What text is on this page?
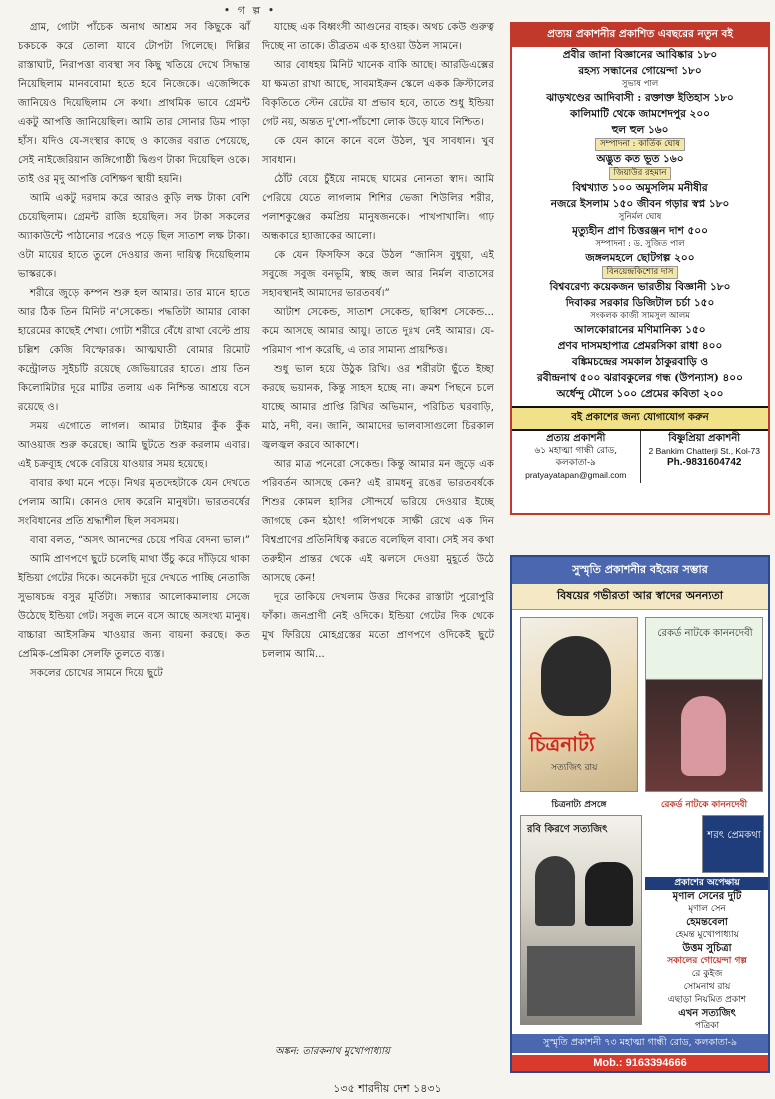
• গ ল্প •

গ্রাম, গোটা পাঁচেক অনাথ আশ্রম সব কিছুকে ঝাঁ চকচকে করে তোলা যাবে টোপটা গিলেছে। দিল্লির রাস্তাঘাট, নিরাপত্তা ব্যবস্থা সব কিছু খতিয়ে দেখে সিদ্ধান্ত নিয়েছিলাম মানববোমা হতে হবে নিজেকে। এজেন্সিকে জানিয়েও দিয়েছিলাম সে কথা। প্রাথমিক ভাবে গ্রেমন্ট একটু আপত্তি জানিয়েছিল। আমি তার সোনার ডিম পাড়া হাঁস। যদিও যে-সংস্থার কাছে ও কাজের বরাত পেয়েছে, সেই নাইজেরিয়ান জঙ্গিগোষ্ঠী দ্বিগুণ টাকা দিয়েছিল ওকে। তাই ওর মৃদু আপত্তি বেশিক্ষণ স্থায়ী হয়নি।

আমি একটু দরদাম করে আরও কুড়ি লক্ষ টাকা বেশি চেয়েছিলাম। গ্রেমন্ট রাজি হয়েছিল। সব টাকা সকলের অ্যাকাউন্টে পাঠানোর পরেও পড়ে ছিল সাতাশ লক্ষ টাকা। ওটা মায়ের হাতে তুলে দেওয়ার জন্য দায়িত্ব দিয়েছিলাম ভাস্করকে।

শরীরে জুড়ে কম্পন শুরু হল আমার। তার মানে হাতে আর ঠিক তিন মিনিট ন'সেকেন্ড। পদ্ধতিটা আমার বোকা হারেমের কাছেই শেখা। গোটা শরীরে বেঁধে রাখা বেল্টে প্রায় চল্লিশ কেজি বিস্ফোরক। আত্মঘাতী বোমার রিমোট কন্ট্রোলড সুইচটি রয়েছে জেভিয়ারের হাতে। প্রায় তিন কিলোমিটার দূরে মাটির তলায় এক নিশ্চিন্ত আশ্রয়ে বসে রয়েছে ও।

সময় এগোতে লাগল। আমার টাইমার কুঁক কুঁক আওয়াজ শুরু করেছে। আমি ছুটতে শুরু করলাম এবার। এই চক্রব্যূহ থেকে বেরিয়ে যাওয়ার সময় হয়েছে।

বাবার কথা মনে পড়ে। নিথর মৃতদেহটাকে যেন দেখতে পেলাম আমি। কোনও দোষ করেনি মানুষটা। ভারতবর্ষের সংবিধানের প্রতি শ্রদ্ধাশীল ছিল সবসময়।

বাবা বলত, “অসৎ আনন্দের চেয়ে পবিত্র বেদনা ভাল।”

আমি প্রাণপণে ছুটে চলেছি মাথা উঁচু করে দাঁড়িয়ে থাকা ইন্ডিয়া গেটের দিকে। অনেকটা দূরে দেখতে পাচ্ছি নেতাজি সুভাষচন্দ্র বসুর মূর্তিটা। সন্ধ্যার আলোকমালায় সেজে উঠেছে ইন্ডিয়া গেট। সবুজ লনে বসে আছে অসংখ্য মানুষ। বাচ্চারা আইসক্রিম খাওয়ার জন্য বায়না করছে। কত প্রেমিক-প্রেমিকা সেলফি তুলতে ব্যস্ত।

সকলের চোখের সামনে দিয়ে ছুটে

যাচ্ছে এক বিধ্বংসী আগুনের বাহক। অথচ কেউ গুরুত্ব দিচ্ছে না তাকে। তীব্রতম এক হাওয়া উঠল সামনে।

আর বোধহয় মিনিট খানেক বাকি আছে। আরডিএক্সের যা ক্ষমতা রাখা আছে, সাবমাইক্রন স্কেলে একক ক্রিস্টালের বিকৃতিতে স্টেন রেটের যা প্রভাব হবে, তাতে শুধু ইন্ডিয়া গেট নয়, অন্তত দু'শো-পাঁচশো লোক উড়ে যাবে নিশ্চিত।

কে যেন কানে কানে বলে উঠল, খুব সাবধান। খুব সাবধান।

ঠোঁট বেয়ে চুঁইয়ে নামছে ঘামের নোনতা স্বাদ। আমি পেরিয়ে যেতে লাগলাম শিশির ভেজা শিউলির শরীর, পলাশকুঞ্জের কমপ্রিয় মানুষজনকে। পাখপাখালি। গাঢ় অন্ধকারে হ্যাজাকের আলো।

কে যেন ফিসফিস করে উঠল “জানিস বুধুয়া, এই সবুজে সবুজ বনভূমি, স্বচ্ছ জল আর নির্মল বাতাসের সহাবস্থানই আমাদের ভারতবর্ষ।”

আটাশ সেকেন্ড, সাতাশ সেকেন্ড, ছাব্বিশ সেকেন্ড... কমে আসছে আমার আয়ু। তাতে দুঃখ নেই আমার। যে-পরিমাণ পাপ করেছি, এ তার সামান্য প্রায়শ্চিত্ত।

শুধু ভাল হয়ে উঠুক রিখি। ওর শরীরটা ছুঁতে ইচ্ছা করছে ভয়ানক, কিন্তু সাহস হচ্ছে না। ক্রমশ পিছনে চলে যাচ্ছে আমার প্রাপ্তি রিখির অভিমান, পরিচিত ঘরবাড়ি, মাঠ, নদী, বন। জানি, আমাদের ভালবাসাগুলো চিরকাল জ্বলজ্বল করবে আকাশে।

আর মাত্র পনেরো সেকেন্ড। কিন্তু আমার মন জুড়ে এক পরিবর্তন আসছে কেন? এই রামধনু রঙের ভারতবর্ষকে শিশুর কোমল হাসির সৌন্দর্যে ভরিয়ে দেওয়ার ইচ্ছে জাগছে কেন হঠাৎ! গলিপথকে সাক্ষী রেখে এক দিন বিশ্বপ্রাণের প্রতিনিধিত্ব করতে বলেছিল বাবা। সেই সব কথা তরুহীন প্রান্তর থেকে এই ঝলসে দেওয়া মুহূর্তে উঠে আসছে কেন!

দূরে তাকিয়ে দেখলাম উত্তর দিকের রাস্তাটা পুরোপুরি ফাঁকা। জনপ্রাণী নেই ওদিকে। ইন্ডিয়া গেটের দিক থেকে মুখ ফিরিয়ে মোহগ্রস্তের মতো প্রাণপণে ওদিকেই ছুটে চললাম আমি...

অঙ্কন: তারকনাথ মুখোপাধ্যায়
১৩৫ শারদীয় দেশ ১৪৩১
প্রত্যয় প্রকাশনীর প্রকাশিত এবছরের নতুন বই
প্রবীর জানা বিজ্ঞানের আবিষ্কার ১৮০
রহস্য সন্ধানের গোয়েন্দা ১৮০
সুভাষ পাল
ঝাড়খণ্ডের আদিবাসী : রক্তাক্ত ইতিহাস ১৮০
কালিমাটি থেকে জামশেদপুর ২০০
হুল হুল ১৬০
সম্পাদনা : কার্তিক ঘোষ
অদ্ভুত কত ভূত ১৬০
জিয়াউর রহমান
বিশ্বখ্যাত ১০০ অমুসলিম মনীষীর
নজরে ইসলাম ১৫০ জীবন গড়ার স্বপ্ন ১৮০
সুনির্মল ঘোষ
মৃত্যুহীন প্রাণ চিত্তরঞ্জন দাশ ৫০০
সম্পাদনা : ড. সুজিত পাল
জঙ্গলমহলে ছোটগল্প ২০০
বিনয়েন্দ্রকিশোর দাস
বিশ্ববরেণ্য কয়েকজন ভারতীয় বিজ্ঞানী ১৮০
দিবাকর সরকার ডিজিটাল চর্চা ১৫০
সংকলক কাজী সামসুল আলম
আলকোরানের মণিমানিক্য ১৫০
প্রণব দাসমহাপাত্র প্রেমরসিকা রাধা ৪০০
বঙ্কিমচন্দ্রের সমকাল ঠাকুরবাড়ি ও
রবীন্দ্রনাথ ৫০০ ঝরাবকুলের গন্ধ (উপন্যাস) ৪০০
অর্ধেন্দু মৌলে ১০০ প্রেমের কবিতা ২০০
বই প্রকাশের জন্য যোগাযোগ করুন
প্রত্যয় প্রকাশনী
৬১ মহাত্মা গান্ধী রোড, কলকাতা-৯
pratyayatapan@gmail.com
বিষ্ণুপ্রিয়া প্রকাশনী
2 Bankim Chatterji St., Kol-73
Ph.-9831604742
সুস্মৃতি প্রকাশনীর বইয়ের সম্ভার
বিষয়ের গভীরতা আর স্বাদের অনন্যতা
চিত্রনাট্য
সত্যজিৎ রায়
রেকর্ড নাটকে কাননদেবী
চিত্রনাট্য প্রসঙ্গে	রেকর্ড নাটকে কাননদেবী
রবি কিরণে সত্যজিৎ
শরৎ প্রেমকথা
প্রকাশের অপেক্ষায়
মৃণাল সেনের দুটি
মৃণাল সেন
হেমন্তবেলা
হেমন্ত মুখোপাধ্যায়
উত্তম সুচিত্রা
সকালের গোয়েন্দা গল্প
রে কুইজ
সোমনাথ রায়
এছাড়া নিয়মিত প্রকাশ
এখন সত্যজিৎ
পত্রিকা
সুস্মৃতি প্রকাশনী ৭৩ মহাত্মা গান্ধী রোড, কলকাতা-৯
Mob.: 9163394666
